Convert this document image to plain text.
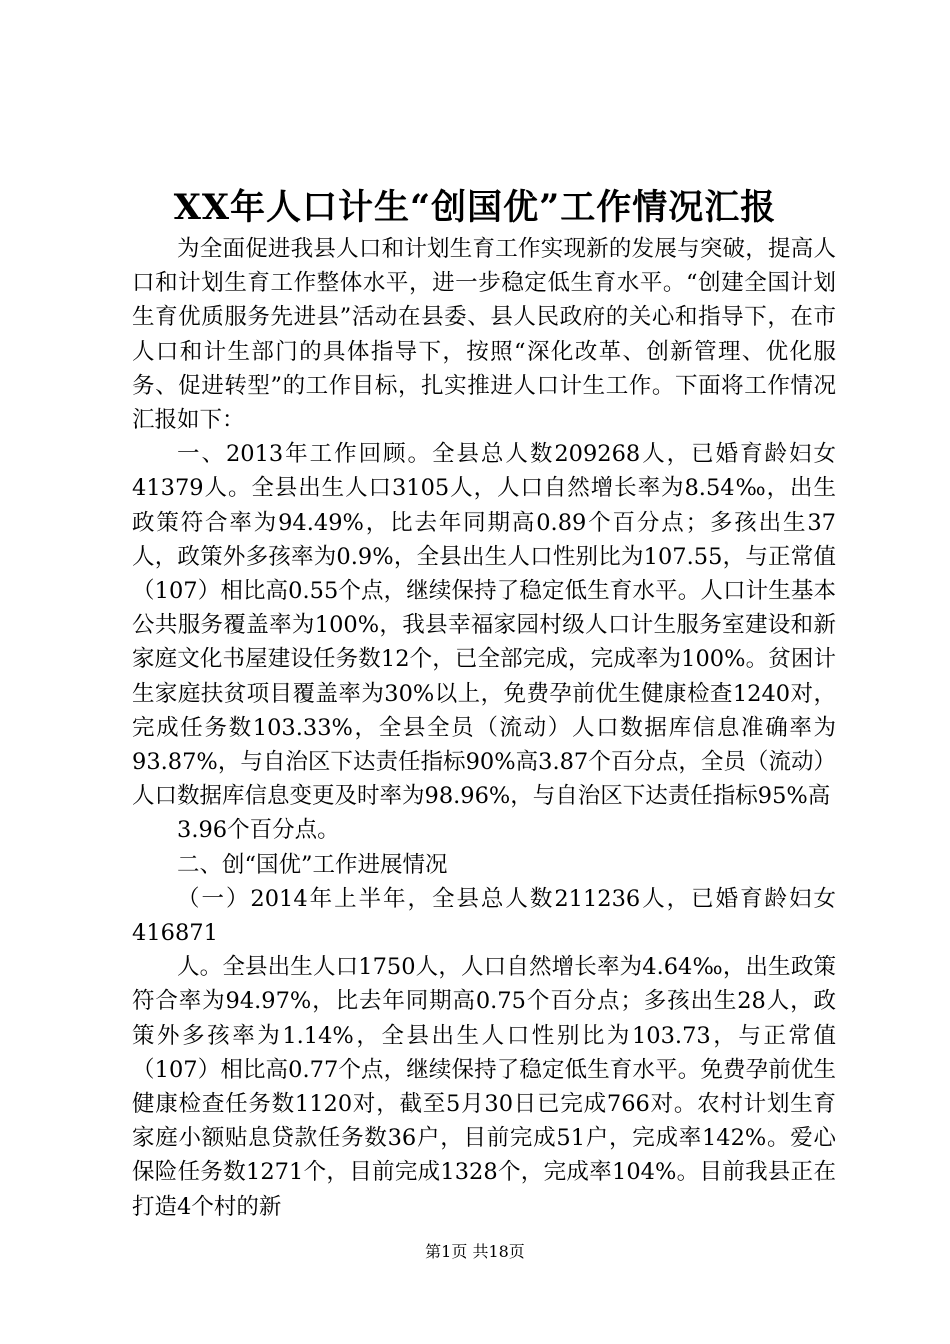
XX年人口计生“创国优”工作情况汇报

为全面促进我县人口和计划生育工作实现新的发展与突破，提高人口和计划生育工作整体水平，进一步稳定低生育水平。“创建全国计划生育优质服务先进县”活动在县委、县人民政府的关心和指导下，在市人口和计生部门的具体指导下，按照“深化改革、创新管理、优化服务、促进转型”的工作目标，扎实推进人口计生工作。下面将工作情况汇报如下：

一、2013年工作回顾。全县总人数209268人，已婚育龄妇女41379人。全县出生人口3105人，人口自然增长率为8.54‰，出生政策符合率为94.49%，比去年同期高0.89个百分点；多孩出生37人，政策外多孩率为0.9%，全县出生人口性别比为107.55，与正常值（107）相比高0.55个点，继续保持了稳定低生育水平。人口计生基本公共服务覆盖率为100%，我县幸福家园村级人口计生服务室建设和新家庭文化书屋建设任务数12个，已全部完成，完成率为100%。贫困计生家庭扶贫项目覆盖率为30%以上，免费孕前优生健康检查1240对，完成任务数103.33%，全县全员（流动）人口数据库信息准确率为93.87%，与自治区下达责任指标90%高3.87个百分点，全员（流动）人口数据库信息变更及时率为98.96%，与自治区下达责任指标95%高

3.96个百分点。

二、创“国优”工作进展情况

（一）2014年上半年，全县总人数211236人，已婚育龄妇女416871

人。全县出生人口1750人，人口自然增长率为4.64‰，出生政策符合率为94.97%，比去年同期高0.75个百分点；多孩出生28人，政策外多孩率为1.14%，全县出生人口性别比为103.73，与正常值（107）相比高0.77个点，继续保持了稳定低生育水平。免费孕前优生健康检查任务数1120对，截至5月30日已完成766对。农村计划生育家庭小额贴息贷款任务数36户，目前完成51户，完成率142%。爱心保险任务数1271个，目前完成1328个，完成率104%。目前我县正在打造4个村的新

第1页 共18页
